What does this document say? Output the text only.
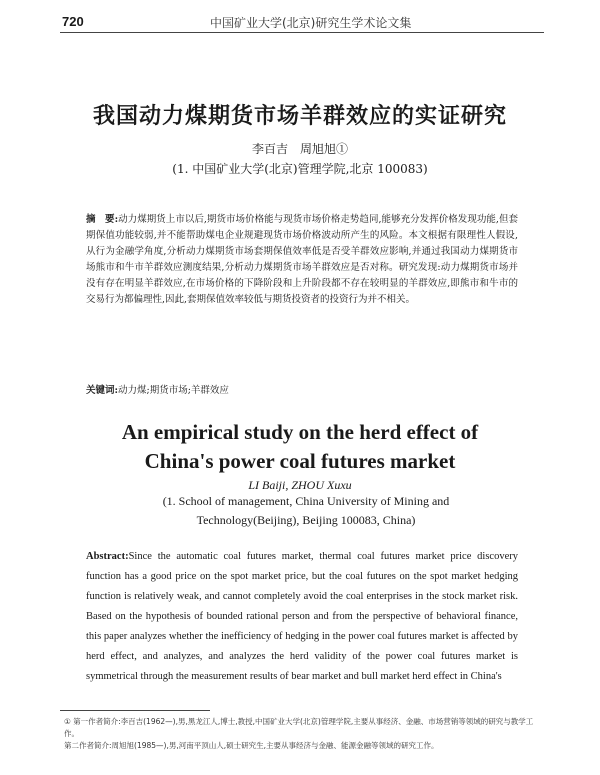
720	中国矿业大学(北京)研究生学术论文集
我国动力煤期货市场羊群效应的实证研究
李百吉　周旭旭①
(1. 中国矿业大学(北京)管理学院,北京 100083)
摘　要:动力煤期货上市以后,期货市场价格能与现货市场价格走势趋同,能够充分发挥价格发现功能,但套期保值功能较弱,并不能帮助煤电企业规避现货市场价格波动所产生的风险。本文根据有限理性人假设,从行为金融学角度,分析动力煤期货市场套期保值效率低是否受羊群效应影响,并通过我国动力煤期货市场熊市和牛市羊群效应测度结果,分析动力煤期货市场羊群效应是否对称。研究发现:动力煤期货市场并没有存在明显羊群效应,在市场价格的下降阶段和上升阶段都不存在较明显的羊群效应,即熊市和牛市的交易行为都偏理性,因此,套期保值效率较低与期货投资者的投资行为并不相关。
关键词:动力煤;期货市场;羊群效应
An empirical study on the herd effect of
China's power coal futures market
LI Baiji, ZHOU Xuxu
(1. School of management, China University of Mining and
Technology(Beijing), Beijing 100083, China)
Abstract:Since the automatic coal futures market, thermal coal futures market price discovery function has a good price on the spot market price, but the coal futures on the spot market hedging function is relatively weak, and cannot completely avoid the coal enterprises in the stock market risk. Based on the hypothesis of bounded rational person and from the perspective of behavioral finance, this paper analyzes whether the inefficiency of hedging in the power coal futures market is affected by herd effect, and analyzes, and analyzes the herd validity of the power coal futures market is symmetrical through the measurement results of bear market and bull market herd effect in China's

① 第一作者简介:李百吉(1962—),男,黑龙江人,博士,教授,中国矿业大学(北京)管理学院,主要从事经济、金融、市场营销等领域的研究与教学工作。

第二作者简介:周旭旭(1985—),男,河南平顶山人,硕士研究生,主要从事经济与金融、能源金融等领域的研究工作。
